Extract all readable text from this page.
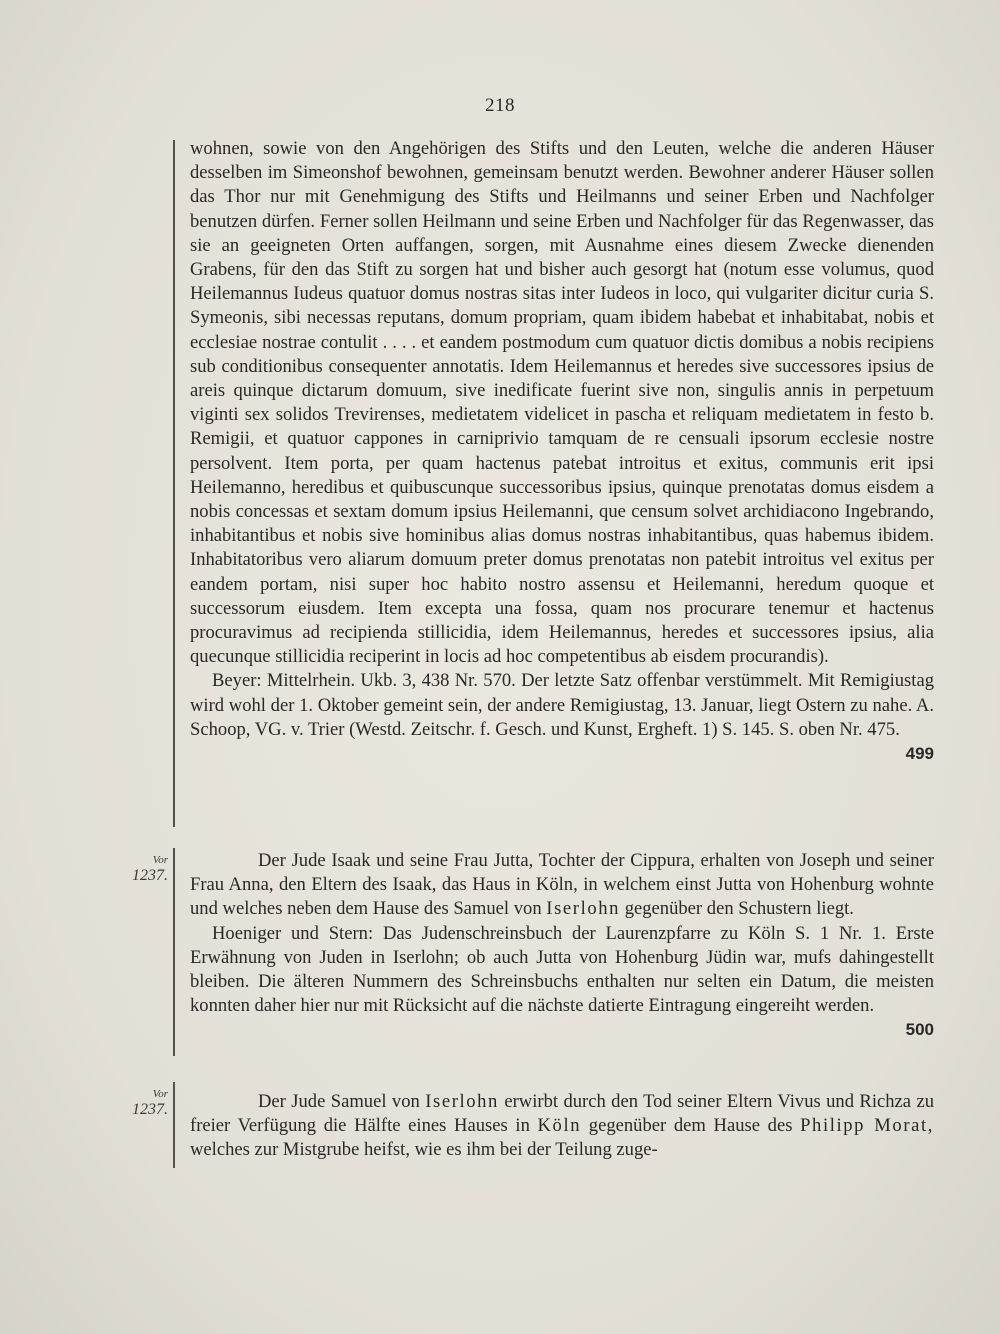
218

wohnen, sowie von den Angehörigen des Stifts und den Leuten, welche die anderen Häuser desselben im Simeonshof bewohnen, gemeinsam benutzt werden. Bewohner anderer Häuser sollen das Thor nur mit Genehmigung des Stifts und Heilmanns und seiner Erben und Nachfolger benutzen dürfen. Ferner sollen Heilmann und seine Erben und Nachfolger für das Regenwasser, das sie an geeigneten Orten auffangen, sorgen, mit Ausnahme eines diesem Zwecke dienenden Grabens, für den das Stift zu sorgen hat und bisher auch gesorgt hat (notum esse volumus, quod Heilemannus Iudeus quatuor domus nostras sitas inter Iudeos in loco, qui vulgariter dicitur curia S. Symeonis, sibi necessas reputans, domum propriam, quam ibidem habebat et inhabitabat, nobis et ecclesiae nostrae contulit . . . . et eandem postmodum cum quatuor dictis domibus a nobis recipiens sub conditionibus consequenter annotatis. Idem Heilemannus et heredes sive successores ipsius de areis quinque dictarum domuum, sive inedificate fuerint sive non, singulis annis in perpetuum viginti sex solidos Trevirenses, medietatem videlicet in pascha et reliquam medietatem in festo b. Remigii, et quatuor cappones in carniprivio tamquam de re censuali ipsorum ecclesie nostre persolvent. Item porta, per quam hactenus patebat introitus et exitus, communis erit ipsi Heilemanno, heredibus et quibuscunque successoribus ipsius, quinque prenotatas domus eisdem a nobis concessas et sextam domum ipsius Heilemanni, que censum solvet archidiacono Ingebrando, inhabitantibus et nobis sive hominibus alias domus nostras inhabitantibus, quas habemus ibidem. Inhabitatoribus vero aliarum domuum preter domus prenotatas non patebit introitus vel exitus per eandem portam, nisi super hoc habito nostro assensu et Heilemanni, heredum quoque et successorum eiusdem. Item excepta una fossa, quam nos procurare tenemur et hactenus procuravimus ad recipienda stillicidia, idem Heilemannus, heredes et successores ipsius, alia quecunque stillicidia reciperint in locis ad hoc competentibus ab eisdem procurandis).

Beyer: Mittelrhein. Ukb. 3, 438 Nr. 570. Der letzte Satz offenbar verstümmelt. Mit Remigiustag wird wohl der 1. Oktober gemeint sein, der andere Remigiustag, 13. Januar, liegt Ostern zu nahe. A. Schoop, VG. v. Trier (Westd. Zeitschr. f. Gesch. und Kunst, Ergheft. 1) S. 145. S. oben Nr. 475.
499

Vor
1237.

Der Jude Isaak und seine Frau Jutta, Tochter der Cippura, erhalten von Joseph und seiner Frau Anna, den Eltern des Isaak, das Haus in Köln, in welchem einst Jutta von Hohenburg wohnte und welches neben dem Hause des Samuel von Iserlohn gegenüber den Schustern liegt.

Hoeniger und Stern: Das Judenschreinsbuch der Laurenzpfarre zu Köln S. 1 Nr. 1. Erste Erwähnung von Juden in Iserlohn; ob auch Jutta von Hohenburg Jüdin war, mufs dahingestellt bleiben. Die älteren Nummern des Schreinsbuchs enthalten nur selten ein Datum, die meisten konnten daher hier nur mit Rücksicht auf die nächste datierte Eintragung eingereiht werden.
500

Vor
1237.	Der Jude Samuel von Iserlohn erwirbt durch den Tod seiner Eltern Vivus und Richza zu freier Verfügung die Hälfte eines Hauses in Köln gegenüber dem Hause des Philipp Morat, welches zur Mistgrube heifst, wie es ihm bei der Teilung zuge-
